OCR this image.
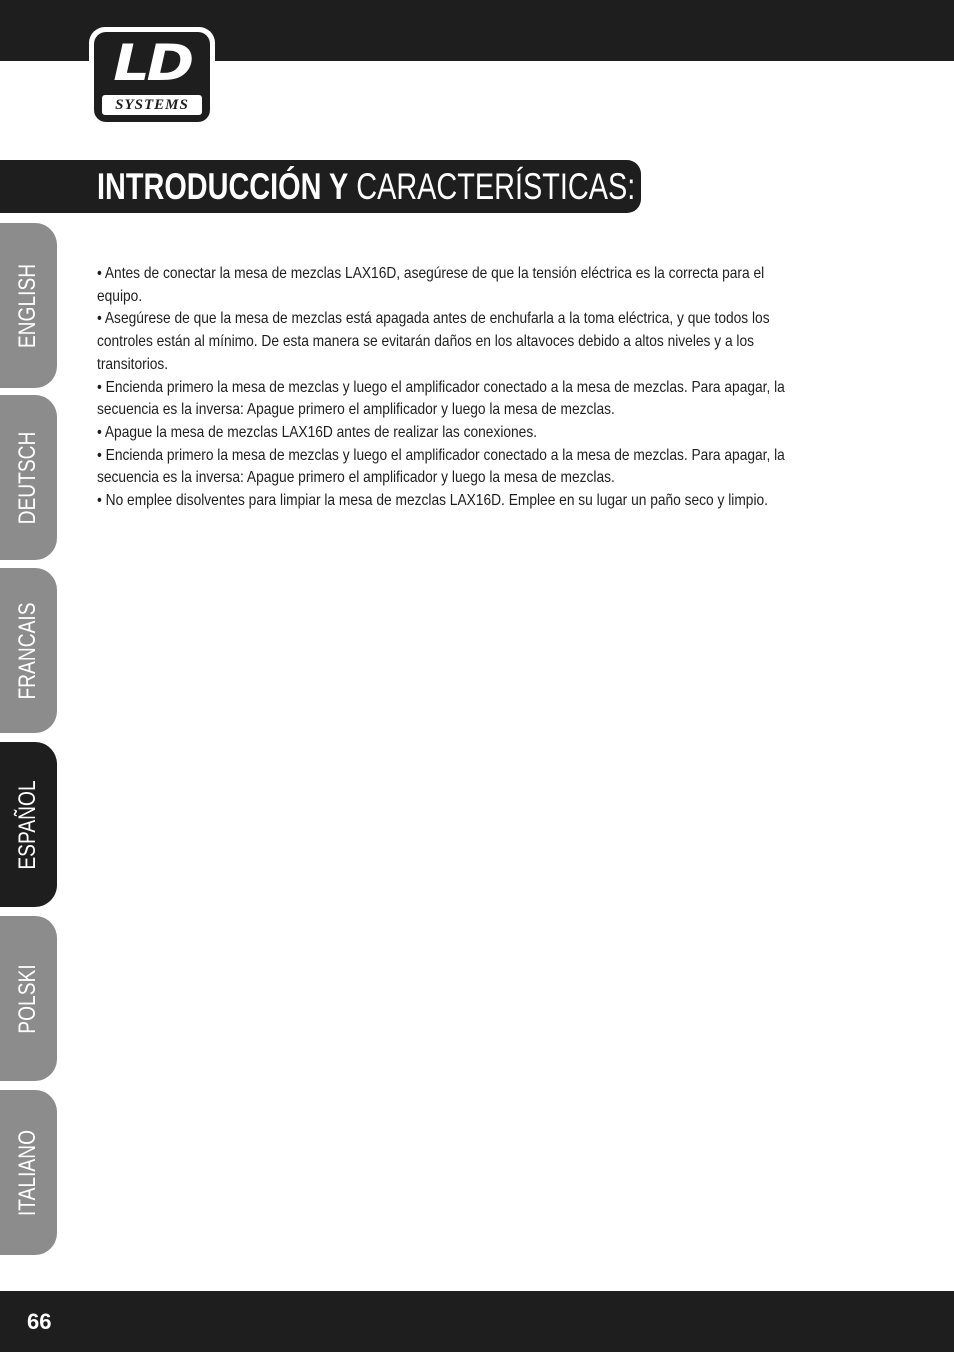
LD
SYSTEMS
INTRODUCCIÓN Y CARACTERÍSTICAS:
ENGLISH
DEUTSCH
FRANCAIS
ESPAÑOL
POLSKI
ITALIANO

• Antes de conectar la mesa de mezclas LAX16D, asegúrese de que la tensión eléctrica es la correcta para el

equipo.

• Asegúrese de que la mesa de mezclas está apagada antes de enchufarla a la toma eléctrica, y que todos los

controles están al mínimo. De esta manera se evitarán daños en los altavoces debido a altos niveles y a los

transitorios.

• Encienda primero la mesa de mezclas y luego el amplificador conectado a la mesa de mezclas. Para apagar, la

secuencia es la inversa: Apague primero el amplificador y luego la mesa de mezclas.

• Apague la mesa de mezclas LAX16D antes de realizar las conexiones.

• Encienda primero la mesa de mezclas y luego el amplificador conectado a la mesa de mezclas. Para apagar, la

secuencia es la inversa: Apague primero el amplificador y luego la mesa de mezclas.

• No emplee disolventes para limpiar la mesa de mezclas LAX16D. Emplee en su lugar un paño seco y limpio.

66
